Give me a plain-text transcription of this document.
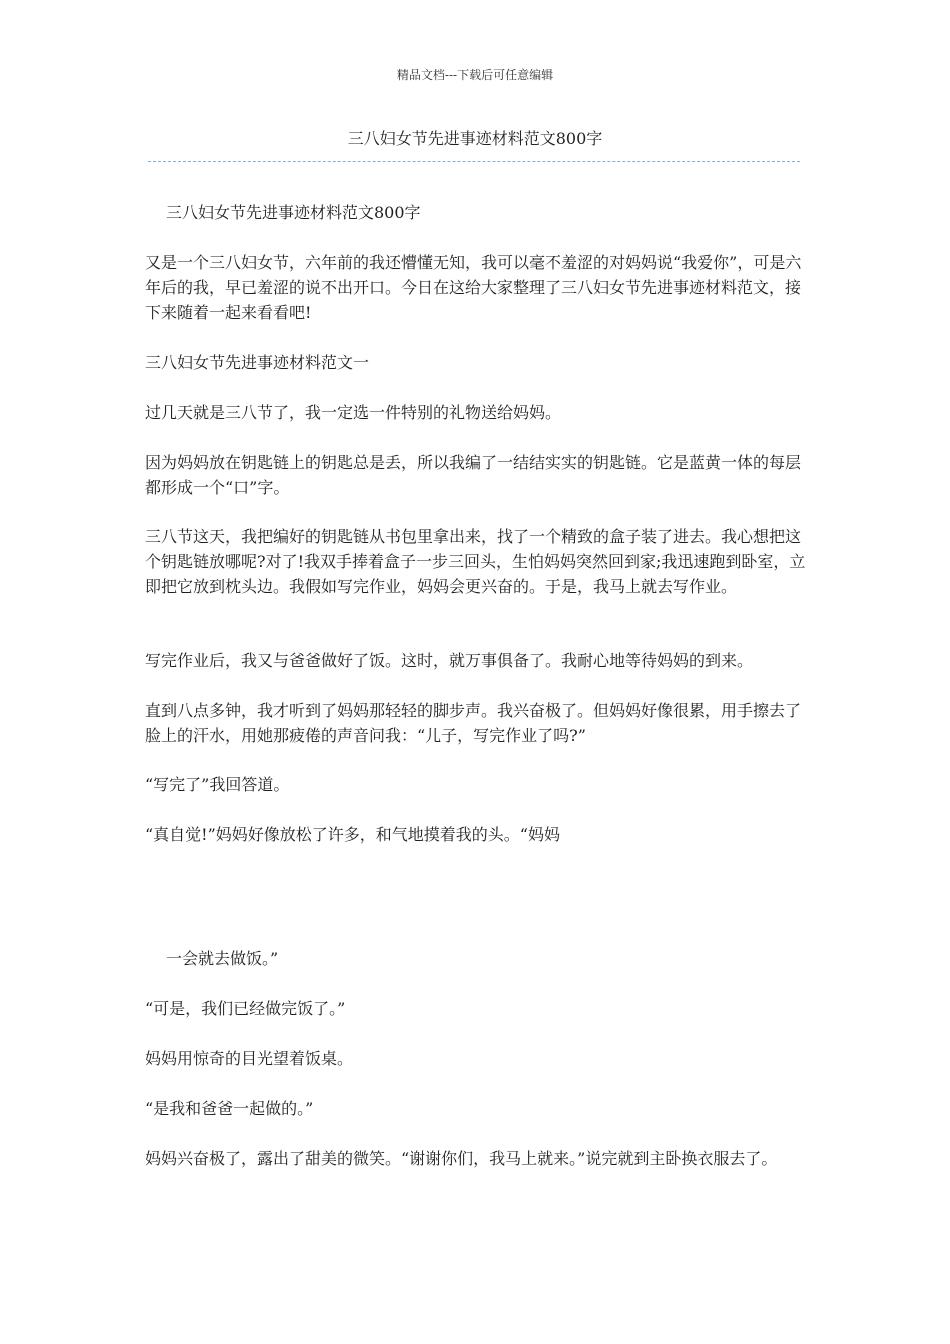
精品文档---下载后可任意编辑
三八妇女节先进事迹材料范文800字

三八妇女节先进事迹材料范文800字

又是一个三八妇女节，六年前的我还懵懂无知，我可以毫不羞涩的对妈妈说“我爱你”，可是六年后的我，早已羞涩的说不出开口。今日在这给大家整理了三八妇女节先进事迹材料范文，接下来随着一起来看看吧!

三八妇女节先进事迹材料范文一

过几天就是三八节了，我一定选一件特别的礼物送给妈妈。

因为妈妈放在钥匙链上的钥匙总是丢，所以我编了一结结实实的钥匙链。它是蓝黄一体的每层都形成一个“口”字。

三八节这天，我把编好的钥匙链从书包里拿出来，找了一个精致的盒子装了进去。我心想把这个钥匙链放哪呢?对了!我双手捧着盒子一步三回头，生怕妈妈突然回到家;我迅速跑到卧室，立即把它放到枕头边。我假如写完作业，妈妈会更兴奋的。于是，我马上就去写作业。

写完作业后，我又与爸爸做好了饭。这时，就万事俱备了。我耐心地等待妈妈的到来。

直到八点多钟，我才听到了妈妈那轻轻的脚步声。我兴奋极了。但妈妈好像很累，用手擦去了脸上的汗水，用她那疲倦的声音问我：“儿子，写完作业了吗?”

“写完了”我回答道。

“真自觉!”妈妈好像放松了许多，和气地摸着我的头。“妈妈

一会就去做饭。”

“可是，我们已经做完饭了。”

妈妈用惊奇的目光望着饭桌。

“是我和爸爸一起做的。”

妈妈兴奋极了，露出了甜美的微笑。“谢谢你们，我马上就来。”说完就到主卧换衣服去了。
